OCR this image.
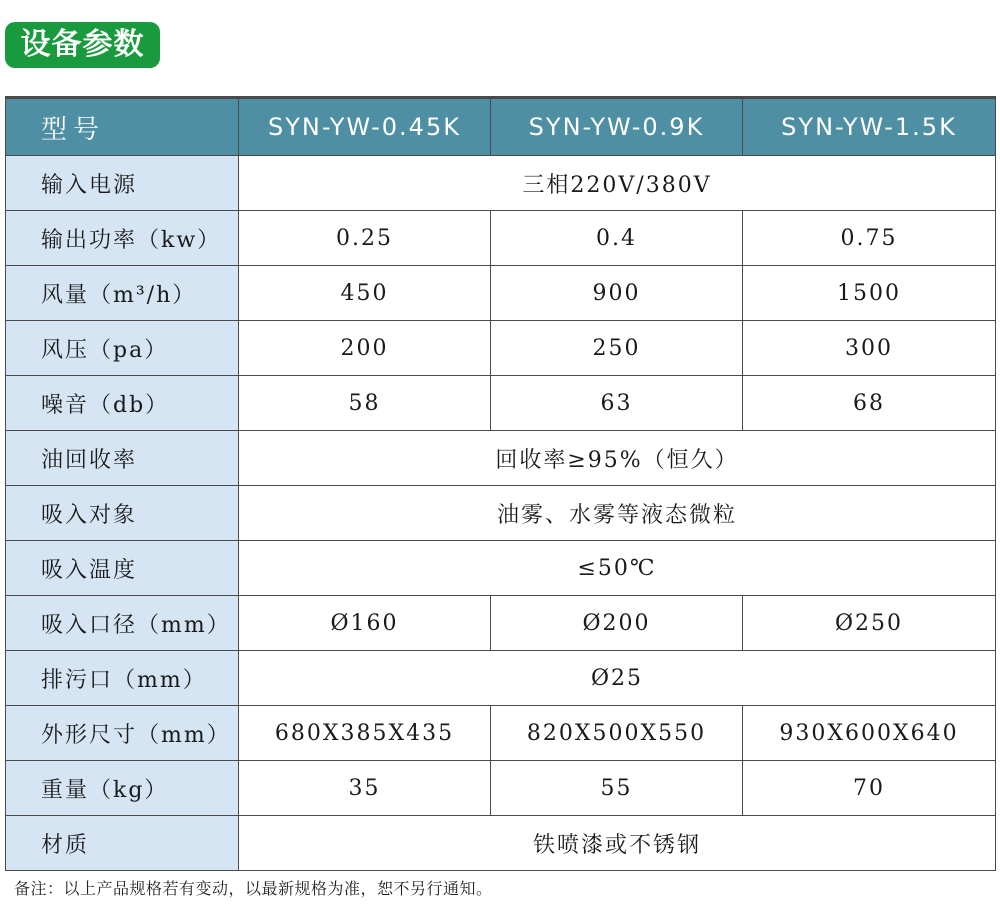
设备参数
型号	SYN-YW-0.45K	SYN-YW-0.9K	SYN-YW-1.5K
输入电源	三相220V/380V		
输出功率（kw）	0.25	0.4	0.75
风量（m³/h）	450	900	1500
风压（pa）	200	250	300
噪音（db）	58	63	68
油回收率	回收率≥95%（恒久）		
吸入对象	油雾、水雾等液态微粒		
吸入温度	≤50℃		
吸入口径（mm）	Ø160	Ø200	Ø250
排污口（mm）	Ø25		
外形尺寸（mm）	680X385X435	820X500X550	930X600X640
重量（kg）	35	55	70
材质	铁喷漆或不锈钢		
备注：以上产品规格若有变动，以最新规格为准，恕不另行通知。
